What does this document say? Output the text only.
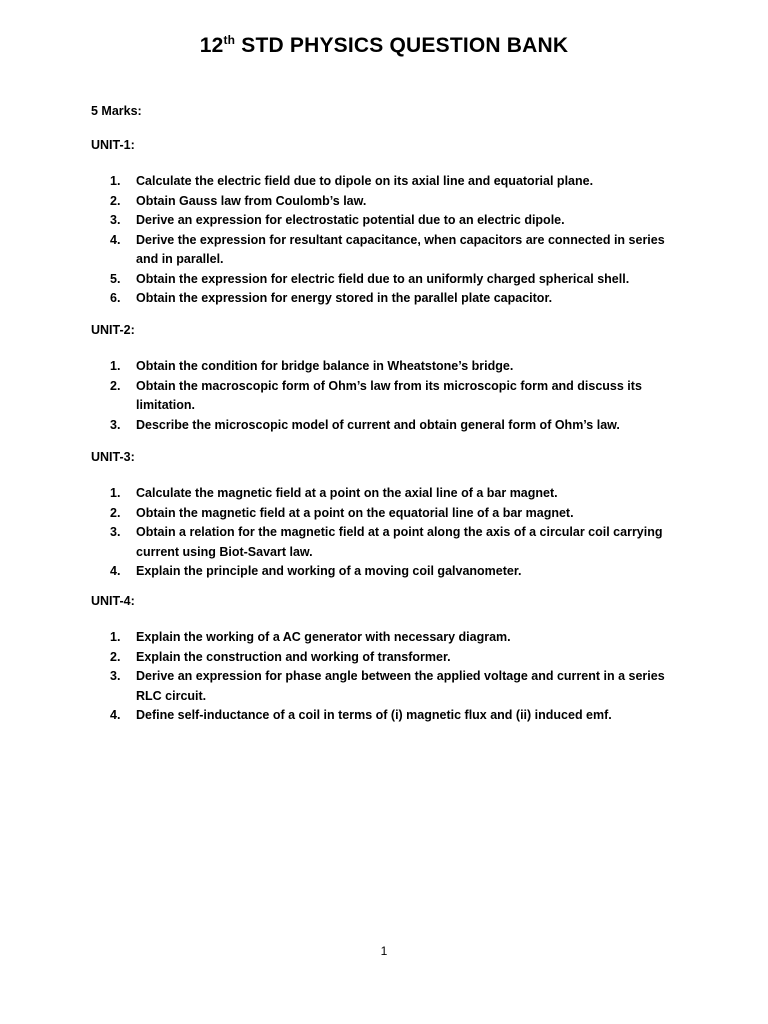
12th STD PHYSICS QUESTION BANK
5 Marks:
UNIT-1:
1. Calculate the electric field due to dipole on its axial line and equatorial plane.
2. Obtain Gauss law from Coulomb’s law.
3. Derive an expression for electrostatic potential due to an electric dipole.
4. Derive the expression for resultant capacitance, when capacitors are connected in series and in parallel.
5. Obtain the expression for electric field due to an uniformly charged spherical shell.
6. Obtain the expression for energy stored in the parallel plate capacitor.
UNIT-2:
1. Obtain the condition for bridge balance in Wheatstone’s bridge.
2. Obtain the macroscopic form of Ohm’s law from its microscopic form and discuss its limitation.
3. Describe the microscopic model of current and obtain general form of Ohm’s law.
UNIT-3:
1. Calculate the magnetic field at a point on the axial line of a bar magnet.
2. Obtain the magnetic field at a point on the equatorial line of a bar magnet.
3. Obtain a relation for the magnetic field at a point along the axis of a circular coil carrying current using Biot-Savart law.
4. Explain the principle and working of a moving coil galvanometer.
UNIT-4:
1. Explain the working of a AC generator with necessary diagram.
2. Explain the construction and working of transformer.
3. Derive an expression for phase angle between the applied voltage and current in a series RLC circuit.
4. Define self-inductance of a coil in terms of (i) magnetic flux and (ii) induced emf.
1
